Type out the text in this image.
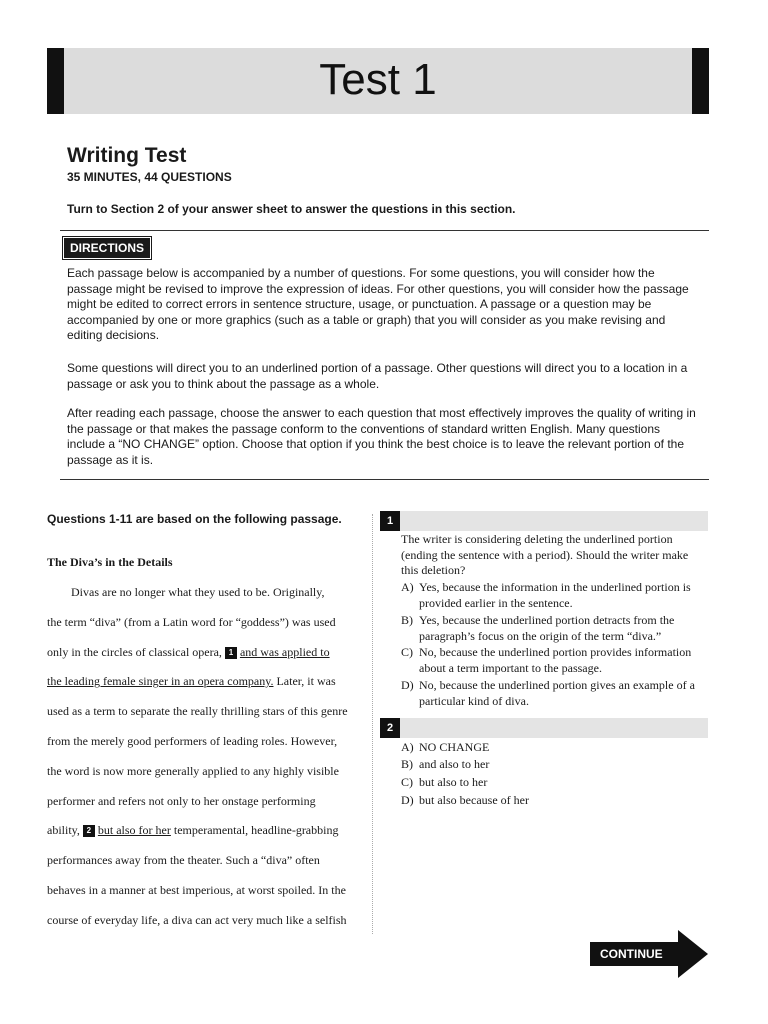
Test 1
Writing Test
35 MINUTES, 44 QUESTIONS
Turn to Section 2 of your answer sheet to answer the questions in this section.
DIRECTIONS

Each passage below is accompanied by a number of questions. For some questions, you will consider how the passage might be revised to improve the expression of ideas. For other questions, you will consider how the passage might be edited to correct errors in sentence structure, usage, or punctuation. A passage or a question may be accompanied by one or more graphics (such as a table or graph) that you will consider as you make revising and editing decisions.

Some questions will direct you to an underlined portion of a passage. Other questions will direct you to a location in a passage or ask you to think about the passage as a whole.

After reading each passage, choose the answer to each question that most effectively improves the quality of writing in the passage or that makes the passage conform to the conventions of standard written English. Many questions include a “NO CHANGE” option. Choose that option if you think the best choice is to leave the relevant portion of the passage as it is.

Questions 1-11 are based on the following passage.
The Diva’s in the Details
Divas are no longer what they used to be. Originally,
the term “diva” (from a Latin word for “goddess”) was used
only in the circles of classical opera, 1 and was applied to
the leading female singer in an opera company. Later, it was
used as a term to separate the really thrilling stars of this genre
from the merely good performers of leading roles. However,
the word is now more generally applied to any highly visible
performer and refers not only to her onstage performing
ability, 2 but also for her temperamental, headline-grabbing
performances away from the theater. Such a “diva” often
behaves in a manner at best imperious, at worst spoiled. In the
course of everyday life, a diva can act very much like a selfish
1

The writer is considering deleting the underlined portion (ending the sentence with a period). Should the writer make this deletion?

A) Yes, because the information in the underlined portion is provided earlier in the sentence.
B) Yes, because the underlined portion detracts from the paragraph’s focus on the origin of the term “diva.”
C) No, because the underlined portion provides information about a term important to the passage.
D) No, because the underlined portion gives an example of a particular kind of diva.
2
A) NO CHANGE
B) and also to her
C) but also to her
D) but also because of her
CONTINUE
